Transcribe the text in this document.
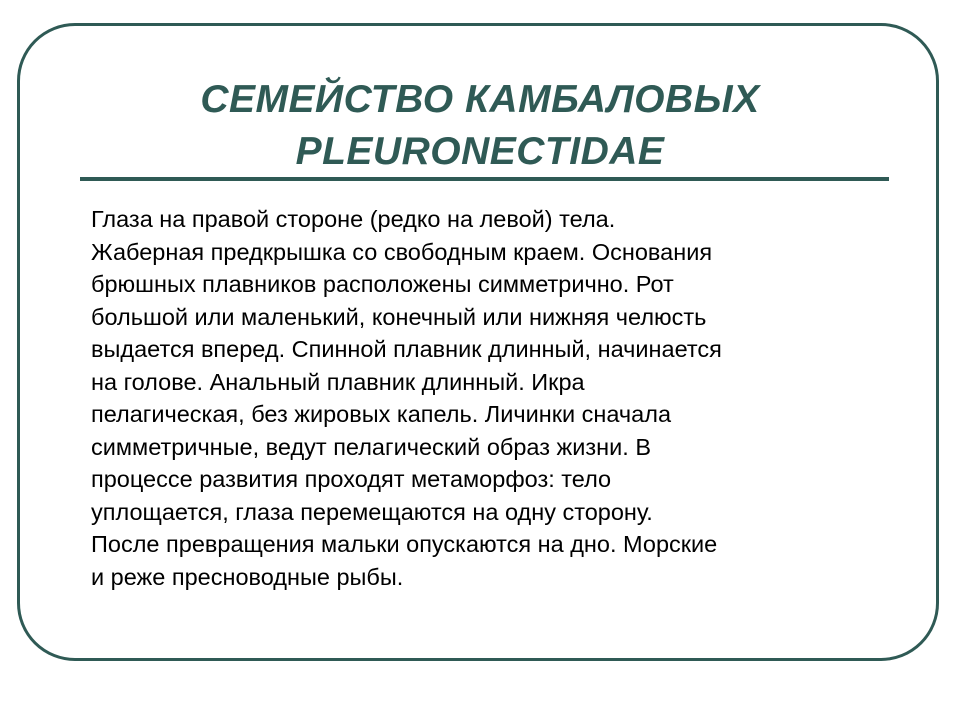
СЕМЕЙСТВО КАМБАЛОВЫХ
PLEURONECTIDAE

Глаза на правой стороне (редко на левой) тела.
Жаберная предкрышка со свободным краем. Основания
брюшных плавников расположены симметрично. Рот
большой или маленький, конечный или нижняя челюсть
выдается вперед. Спинной плавник длинный, начинается
на голове. Анальный плавник длинный. Икра
пелагическая, без жировых капель. Личинки сначала
симметричные, ведут пелагический образ жизни. В
процессе развития проходят метаморфоз: тело
уплощается, глаза перемещаются на одну сторону.
После превращения мальки опускаются на дно. Морские
и реже пресноводные рыбы.
